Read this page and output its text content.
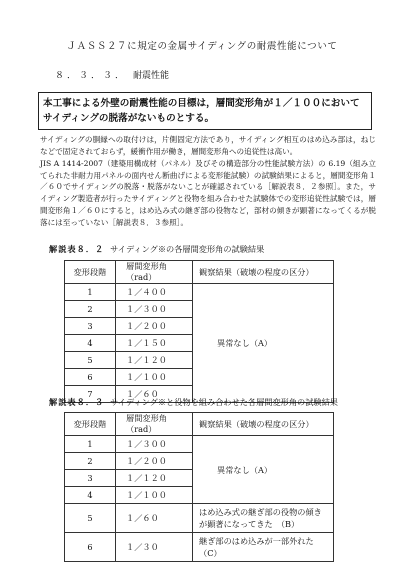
ＪＡＳＳ２７に規定の金属サイディングの耐震性能について
８．３．３． 耐震性能
本工事による外壁の耐震性能の目標は，層間変形角が１／１００においてサイディングの脱落がないものとする。
サイディングの胴縁への取付けは，片側固定方法であり，サイディング相互のはめ込み部は，ねじなどで固定されておらず，緩衝作用が働き，層間変形角への追従性は高い。
JIS A 1414-2007（建築用構成材（パネル）及びその構造部分の性能試験方法）の 6.19（組み立てられた非耐力用パネルの面内せん断曲げによる変形能試験）の試験結果によると，層間変形角１／６０でサイディングの脱落・脱落がないことが確認されている［解説表８．２参照］。また，サイディング製造者が行ったサイディングと役物を組み合わせた試験体での変形追従性試験では，層間変形角１／６０にすると，はめ込み式の継ぎ部の役物など，部材の傾きが顕著になってくるが脱落には至っていない［解説表８．３参照］。
解説表８．２ サイディング※の各層間変形角の試験結果
変形段階	層間変形角（rad）	観察結果（破壊の程度の区分）
1	１／４００	異常なし（A）
2	１／３００	
3	１／２００	
4	１／１５０	
5	１／１２０	
6	１／１００	
7	１／６０	
解説表８．３ サイディング※と役物を組み合わせた各層間変形角の試験結果
変形段階	層間変形角（rad）	観察結果（破壊の程度の区分）
1	１／３００	異常なし（A）
2	１／２００	
3	１／１２０	
4	１／１００	
5	１／６０	はめ込み式の継ぎ部の役物の傾きが顕著になってきた　（B）
6	１／３０	継ぎ部のはめ込みが一部外れた　（C）
